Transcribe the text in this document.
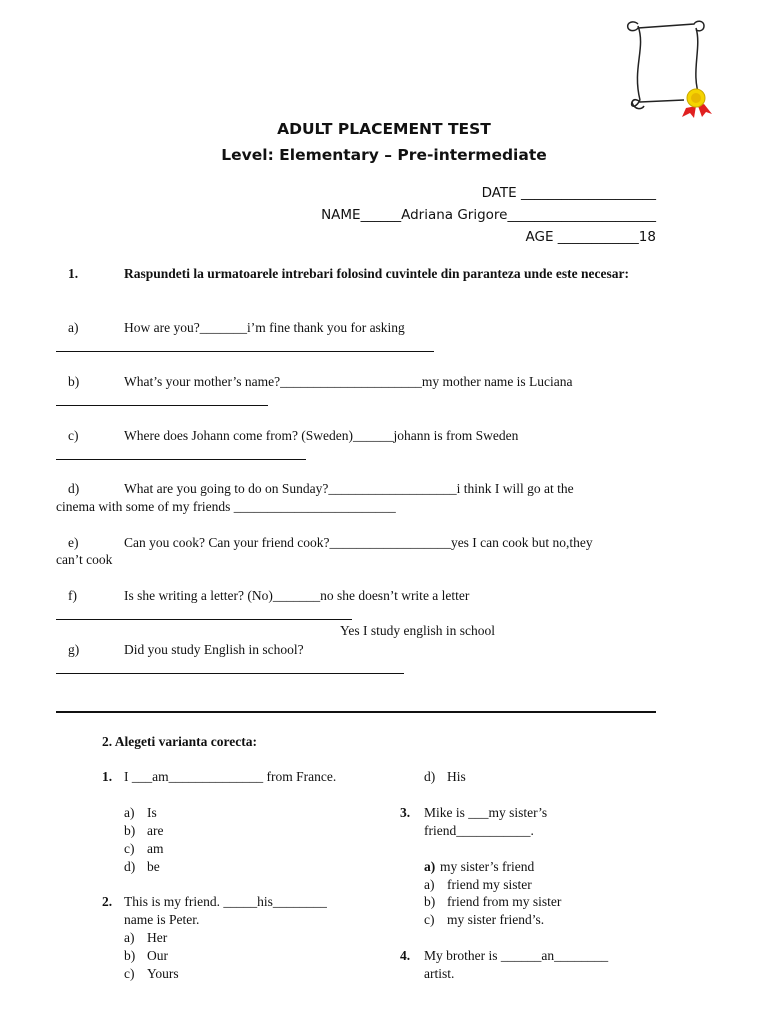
ADULT PLACEMENT TEST
Level: Elementary – Pre-intermediate
DATE ____________________
NAME______Adriana Grigore______________________
AGE ____________18
1.	Raspundeti la urmatoarele intrebari folosind cuvintele din paranteza unde este necesar:
a)	How are you?_______i’m fine thank you for asking
b)	What’s your mother’s name?_____________________my mother name is Luciana
c)	Where does Johann come from? (Sweden)______johann is from Sweden
d)	What are you going to do on Sunday?___________________i think I will go at the
cinema with some of my friends ________________________
e)	Can you cook? Can your friend cook?__________________yes I can cook but no,they
can’t cook
f)	Is she writing a letter? (No)_______no she doesn’t write a letter
Yes I study english in school
g)	Did you study English in school?
2. Alegeti varianta corecta:
1. I ___am______________ from France.
a) Is
b) are
c) am
d) be
2. This is my friend. _____his________
name is Peter.
a) Her
b) Our
c) Yours
d) His
3. Mike is ___my sister’s
friend___________.
a) my sister’s friend
a) friend my sister
b) friend from my sister
c) my sister friend’s.
4. My brother is ______an________
artist.
